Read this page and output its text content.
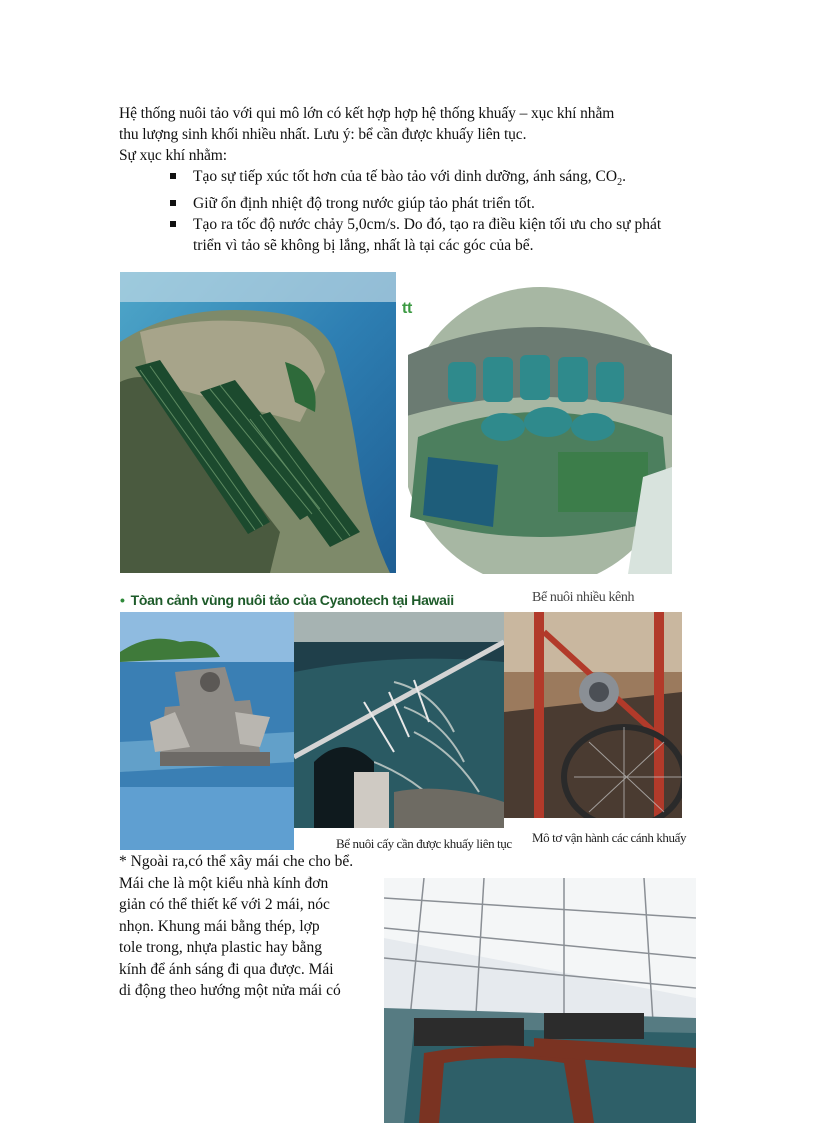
Hệ thống nuôi tảo với qui mô lớn có kết hợp hợp hệ thống khuấy – xục khí nhằm
thu lượng sinh khối nhiều nhất. Lưu ý: bể cần được khuấy liên tục.
Sự xục khí nhằm:
Tạo sự tiếp xúc tốt hơn của tế bào tảo với dinh dưỡng, ánh sáng, $CO_2$.
Giữ ổn định nhiệt độ trong nước giúp tảo phát triển tốt.
Tạo ra tốc độ nước chảy 5,0cm/s. Do đó, tạo ra điều kiện tối ưu cho sự phát triển vì tảo sẽ không bị lắng, nhất là tại các góc của bể.
tt
• Tòan cảnh vùng nuôi tảo của Cyanotech tại Hawaii	Bể nuôi nhiều kênh
Bể nuôi cấy cần được khuấy liên tục Mô tơ vận hành các cánh khuấy

* Ngoài ra,có thể xây mái che cho bể.

Mái che là một kiểu nhà kính đơn

giản có thể thiết kế với 2 mái, nóc

nhọn. Khung mái bằng thép, lợp

tole trong, nhựa plastic hay bằng

kính để ánh sáng đi qua được. Mái

di động theo hướng một nửa mái có
